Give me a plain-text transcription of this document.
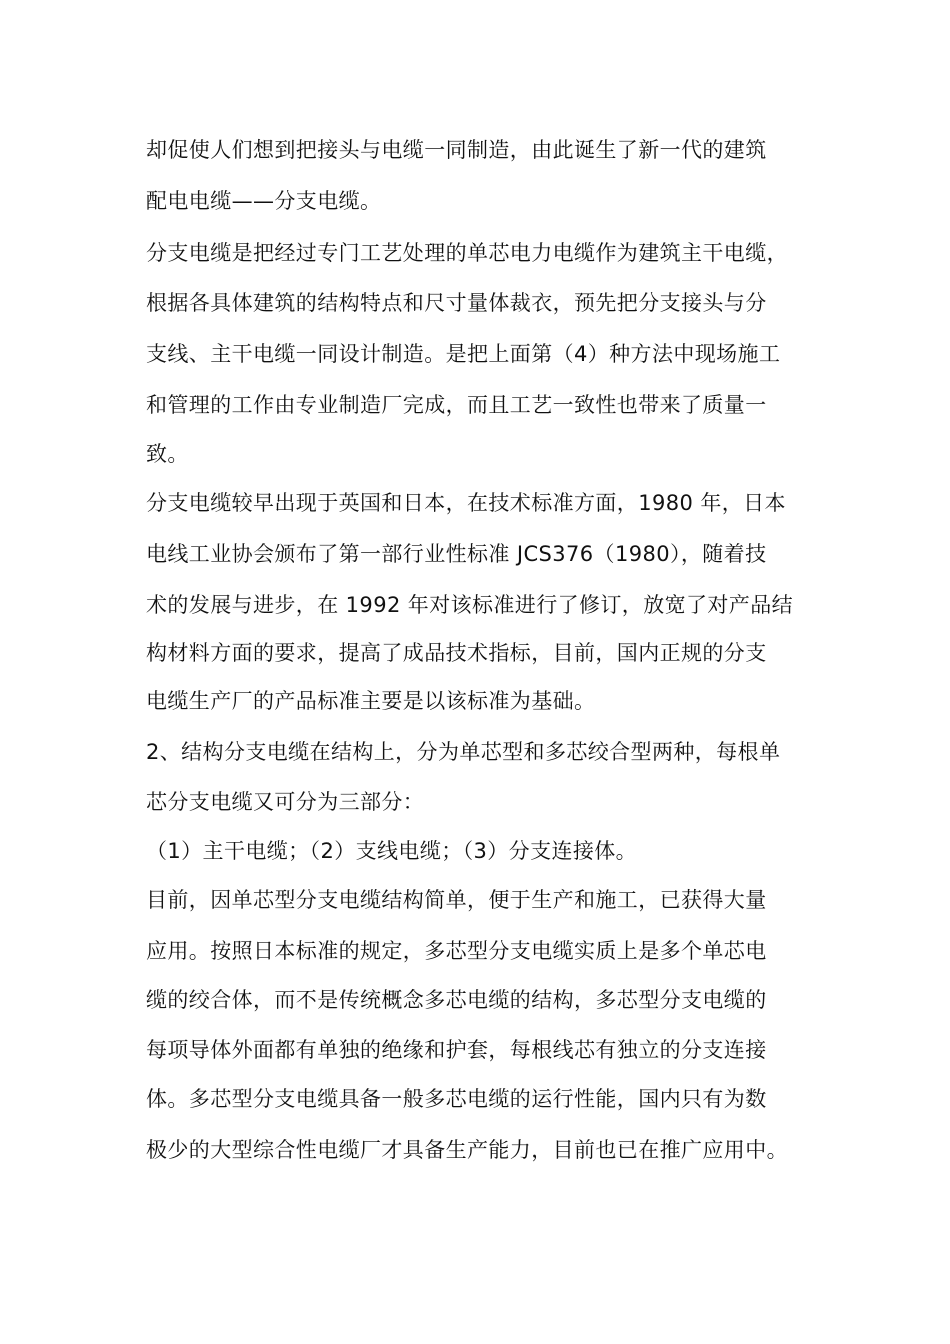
却促使人们想到把接头与电缆一同制造，由此诞生了新一代的建筑
配电电缆——分支电缆。
分支电缆是把经过专门工艺处理的单芯电力电缆作为建筑主干电缆，
根据各具体建筑的结构特点和尺寸量体裁衣，预先把分支接头与分
支线、主干电缆一同设计制造。是把上面第（4）种方法中现场施工
和管理的工作由专业制造厂完成，而且工艺一致性也带来了质量一
致。
分支电缆较早出现于英国和日本，在技术标准方面，1980 年，日本
电线工业协会颁布了第一部行业性标准 JCS376（1980），随着技
术的发展与进步，在 1992 年对该标准进行了修订，放宽了对产品结
构材料方面的要求，提高了成品技术指标，目前，国内正规的分支
电缆生产厂的产品标准主要是以该标准为基础。
2、结构分支电缆在结构上，分为单芯型和多芯绞合型两种，每根单
芯分支电缆又可分为三部分：
（1）主干电缆；（2）支线电缆；（3）分支连接体。
目前，因单芯型分支电缆结构简单，便于生产和施工，已获得大量
应用。按照日本标准的规定，多芯型分支电缆实质上是多个单芯电
缆的绞合体，而不是传统概念多芯电缆的结构，多芯型分支电缆的
每项导体外面都有单独的绝缘和护套，每根线芯有独立的分支连接
体。多芯型分支电缆具备一般多芯电缆的运行性能，国内只有为数
极少的大型综合性电缆厂才具备生产能力，目前也已在推广应用中。
